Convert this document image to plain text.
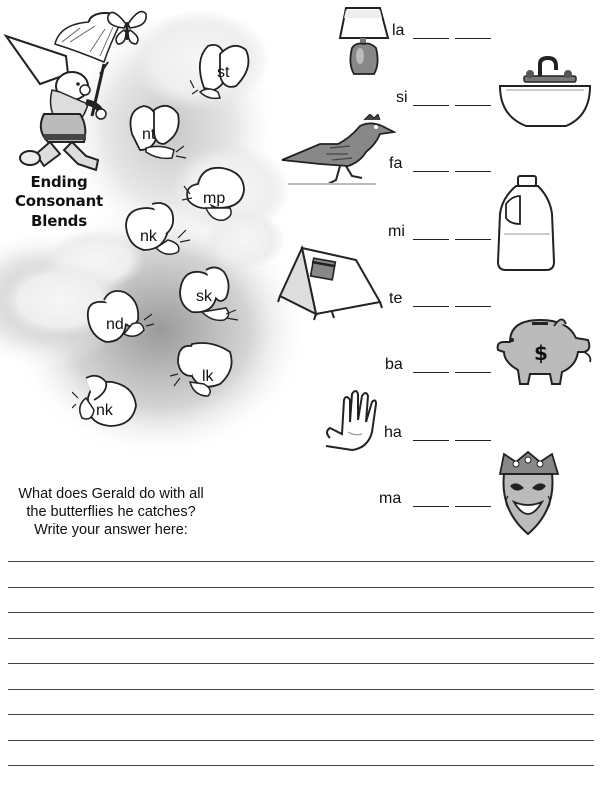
Ending
Consonant
Blends
st
nt
mp
nk
sk
nd
lk
nk
la
si
fa
mi
te
ba	$
ha
ma
What does Gerald do with all
the butterflies he catches?
Write your answer here:
